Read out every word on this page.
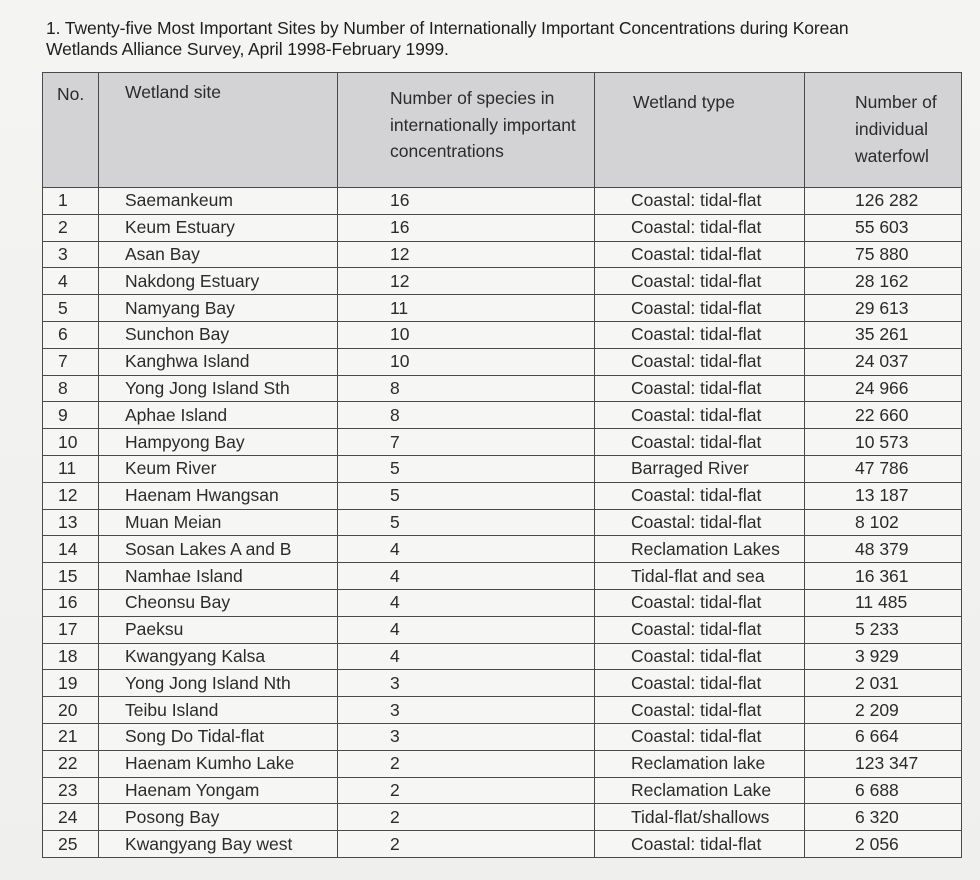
1. Twenty-five Most Important Sites by Number of Internationally Important Concentrations during Korean
Wetlands Alliance Survey, April 1998-February 1999.
No.	Wetland site	Number of species in internationally important concentrations	Wetland type	Number of individual waterfowl

1	Saemankeum	16	Coastal: tidal-flat	126 282
2	Keum Estuary	16	Coastal: tidal-flat	55 603
3	Asan Bay	12	Coastal: tidal-flat	75 880
4	Nakdong Estuary	12	Coastal: tidal-flat	28 162
5	Namyang Bay	11	Coastal: tidal-flat	29 613
6	Sunchon Bay	10	Coastal: tidal-flat	35 261
7	Kanghwa Island	10	Coastal: tidal-flat	24 037
8	Yong Jong Island Sth	8	Coastal: tidal-flat	24 966
9	Aphae Island	8	Coastal: tidal-flat	22 660
10	Hampyong Bay	7	Coastal: tidal-flat	10 573
11	Keum River	5	Barraged River	47 786
12	Haenam Hwangsan	5	Coastal: tidal-flat	13 187
13	Muan Meian	5	Coastal: tidal-flat	8 102
14	Sosan Lakes A and B	4	Reclamation Lakes	48 379
15	Namhae Island	4	Tidal-flat and sea	16 361
16	Cheonsu Bay	4	Coastal: tidal-flat	11 485
17	Paeksu	4	Coastal: tidal-flat	5 233
18	Kwangyang Kalsa	4	Coastal: tidal-flat	3 929
19	Yong Jong Island Nth	3	Coastal: tidal-flat	2 031
20	Teibu Island	3	Coastal: tidal-flat	2 209
21	Song Do Tidal-flat	3	Coastal: tidal-flat	6 664
22	Haenam Kumho Lake	2	Reclamation lake	123 347
23	Haenam Yongam	2	Reclamation Lake	6 688
24	Posong Bay	2	Tidal-flat/shallows	6 320
25	Kwangyang Bay west	2	Coastal: tidal-flat	2 056
